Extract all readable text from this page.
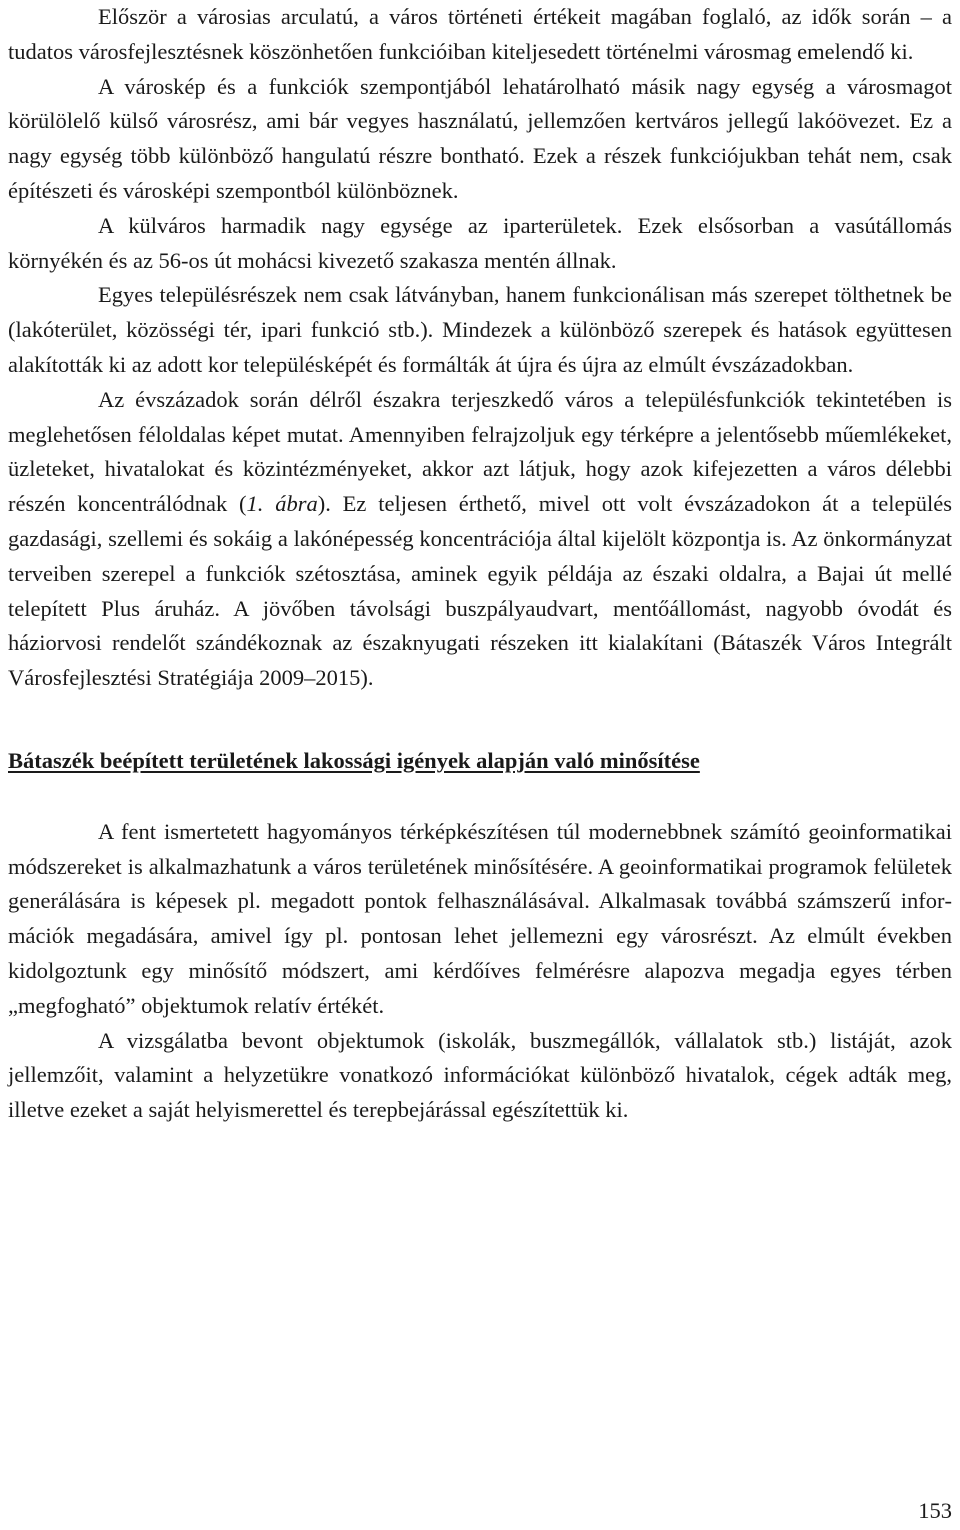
Először a városias arculatú, a város történeti értékeit magában foglaló, az idők során – a tudatos városfejlesztésnek köszönhetően funkcióiban kiteljesedett történelmi városmag emelendő ki.

A városkép és a funkciók szempontjából lehatárolható másik nagy egység a városmagot körülölelő külső városrész, ami bár vegyes használatú, jellemzően kertváros jellegű lakóövezet. Ez a nagy egység több különböző hangulatú részre bontható. Ezek a részek funkciójukban tehát nem, csak építészeti és városképi szempontból különböznek.

A külváros harmadik nagy egysége az iparterületek. Ezek elsősorban a vasútállomás környékén és az 56-os út mohácsi kivezető szakasza mentén állnak.

Egyes településrészek nem csak látványban, hanem funkcionálisan más szerepet tölthetnek be (lakóterület, közösségi tér, ipari funkció stb.). Mindezek a különböző szerepek és hatások együttesen alakították ki az adott kor településképét és formálták át újra és újra az elmúlt évszázadokban.

Az évszázadok során délről északra terjeszkedő város a településfunkciók tekintetében is meglehetősen féloldalas képet mutat. Amennyiben felrajzoljuk egy térképre a jelentősebb műemlékeket, üzleteket, hivatalokat és közintézményeket, akkor azt látjuk, hogy azok kifejezetten a város délebbi részén koncentrálódnak (1. ábra). Ez teljesen érthető, mivel ott volt évszázadokon át a település gazdasági, szellemi és sokáig a lakónépesség koncentrációja által kijelölt központja is. Az önkormányzat terveiben szerepel a funkciók szétosztása, aminek egyik példája az északi oldalra, a Bajai út mellé telepített Plus áruház. A jövőben távolsági buszpályaudvart, mentőállomást, nagyobb óvodát és háziorvosi rendelőt szándékoznak az északnyugati részeken itt kialakítani (Bátaszék Város Integrált Városfejlesztési Stratégiája 2009–2015).

Bátaszék beépített területének lakossági igények alapján való minősítése

A fent ismertetett hagyományos térképkészítésen túl modernebbnek számító geoinformatikai módszereket is alkalmazhatunk a város területének minősítésére. A geoinformatikai programok felületek generálására is képesek pl. megadott pontok felhasználásával. Alkalmasak továbbá számszerű információk megadására, amivel így pl. pontosan lehet jellemezni egy városrészt. Az elmúlt években kidolgoztunk egy minősítő módszert, ami kérdőíves felmérésre alapozva megadja egyes térben „megfogható” objektumok relatív értékét.

A vizsgálatba bevont objektumok (iskolák, buszmegállók, vállalatok stb.) listáját, azok jellemzőit, valamint a helyzetükre vonatkozó információkat különböző hivatalok, cégek adták meg, illetve ezeket a saját helyismerettel és terepbejárással egészítettük ki.

153
